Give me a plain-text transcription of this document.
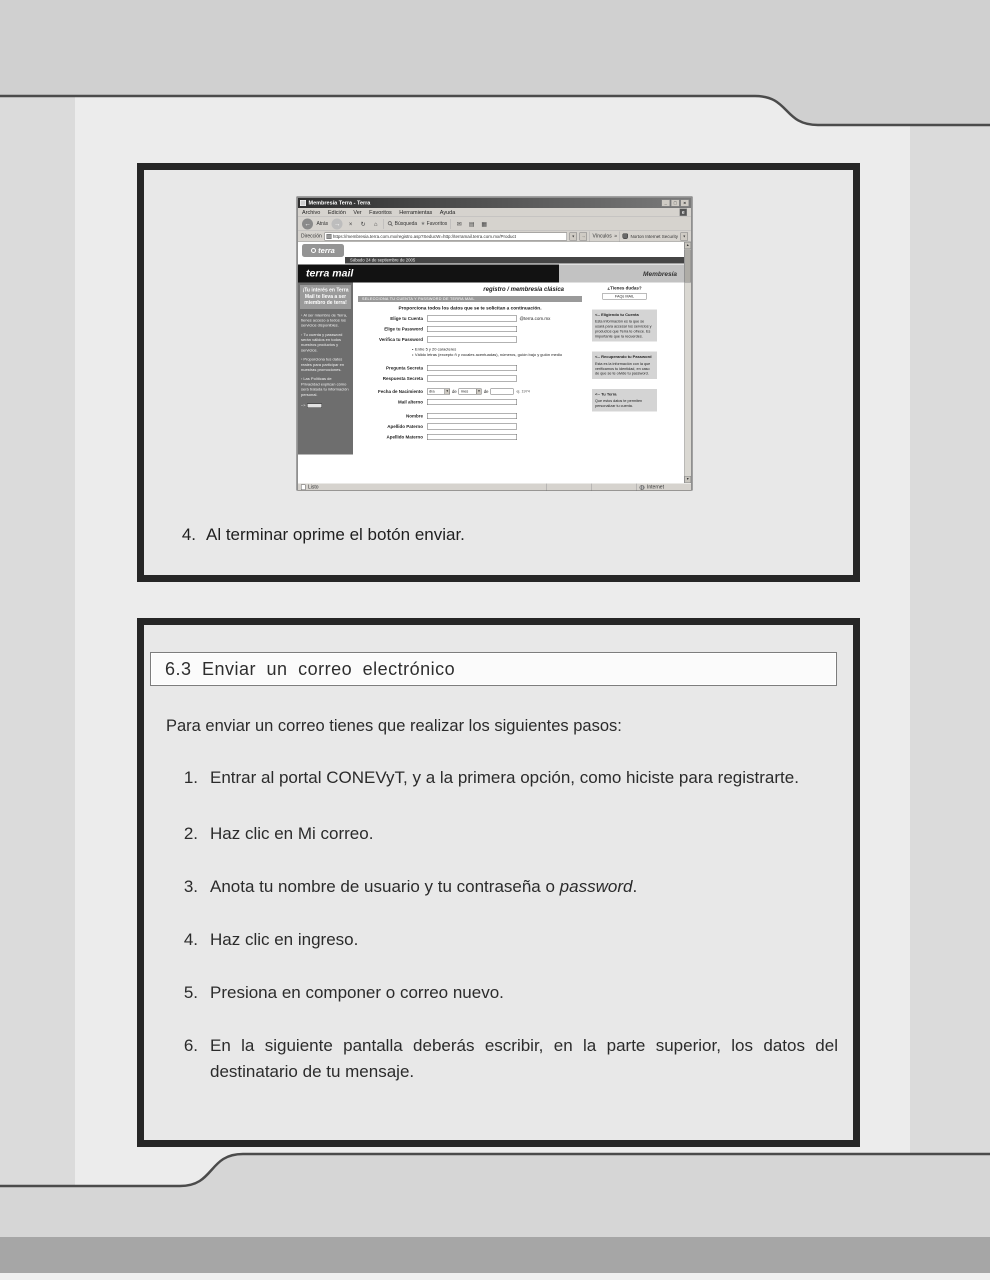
Membresía Terra - Terra	_ □ ×
Archivo Edición Ver Favoritos Herramientas Ayuda	e
← Atrás → × ↻ ⌂ Búsqueda ★ Favoritos ✉ ▤ ▦
Dirección https://membresia.terra.com.mx/registro.asp?SeducW=http://terramail.terra.com.mx/Product	▾ → Vínculos » Norton Internet Security ▾
terra
Sábado 24 de septiembre de 2005
terra mail	Membresía
¡Tu interés en Terra Mail te lleva a ser miembro de terra!
›Al ser miembro de Terra, tienes acceso a todos los servicios disponibles.
›Tu cuenta y password serán válidos en todos nuestros productos y servicios.
›Proporciona tus datos reales para participar en nuestras promociones.
›Las Políticas de Privacidad explican cómo será tratada tu información personal.
-->
registro / membresía clásica
SELECCIONA TU CUENTA Y PASSWORD DE TERRA MAIL
Proporciona todos los datos que se te solicitan a continuación.
Elige tu Cuenta	@terra.com.mx
Elige tu Password
Verifica tu Password
• Entre 5 y 20 caracteres
• Válido letras (excepto ñ y vocales acentuadas), números, guión bajo y guión medio
Pregunta Secreta
Respuesta Secreta
Fecha de Nacimiento día ▼ de mes ▼ de	ej. 1974
Mail alterno
Nombre
Apellido Paterno
Apellido Materno
¿Tienes dudas?
FAQs MAIL
<-- Eligiendo tu Cuenta
Esta información es la que se usará para accesar los servicios y productos que Terra te ofrece. Es importante que la recuerdes.
<-- Recuperando tu Password
Esta es la información con la que verificamos tu identidad, en caso de que se te olvide tu password.
<-- Tu Terra
Que estos datos te permiten personalizar tu cuenta.
▲
▼
Listo	Internet
4. Al terminar oprime el botón enviar.
6.3 Enviar un correo electrónico
Para enviar un correo tienes que realizar los siguientes pasos:
1. Entrar al portal CONEVyT, y a la primera opción, como hiciste para registrarte.
2. Haz clic en Mi correo.
3. Anota tu nombre de usuario y tu contraseña o password.
4. Haz clic en ingreso.
5. Presiona en componer o correo nuevo.
6. En la siguiente pantalla deberás escribir, en la parte superior, los datos del destinatario de tu mensaje.
